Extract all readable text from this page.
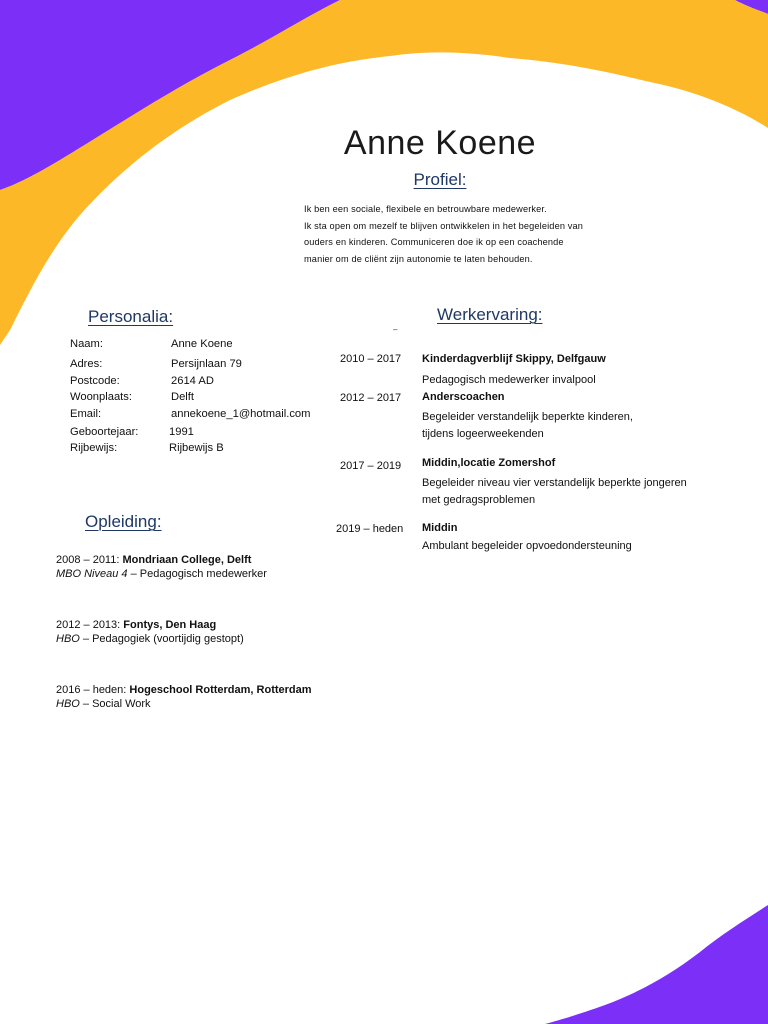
Anne Koene
Profiel:
Ik ben een sociale, flexibele en betrouwbare medewerker.
Ik sta open om mezelf te blijven ontwikkelen in het begeleiden van
ouders en kinderen. Communiceren doe ik op een coachende
manier om de cliënt zijn autonomie te laten behouden.
Personalia:
Naam:	Anne Koene
Adres:	Persijnlaan 79
Postcode:	2614 AD
Woonplaats:	Delft
Email:	annekoene_1@hotmail.com
Geboortejaar:	1991
Rijbewijs:	Rijbewijs B
Werkervaring:
–
2010 – 2017 Kinderdagverblijf Skippy, Delfgauw
Pedagogisch medewerker invalpool
2012 – 2017 Anderscoachen
Begeleider verstandelijk beperkte kinderen,
tijdens logeerweekenden
2017 – 2019 Middin,locatie Zomershof
Begeleider niveau vier verstandelijk beperkte jongeren
met gedragsproblemen
2019 – heden Middin
Ambulant begeleider opvoedondersteuning
Opleiding:
2008 – 2011: Mondriaan College, Delft
MBO Niveau 4 – Pedagogisch medewerker
2012 – 2013: Fontys, Den Haag
HBO – Pedagogiek (voortijdig gestopt)
2016 – heden: Hogeschool Rotterdam, Rotterdam
HBO – Social Work
